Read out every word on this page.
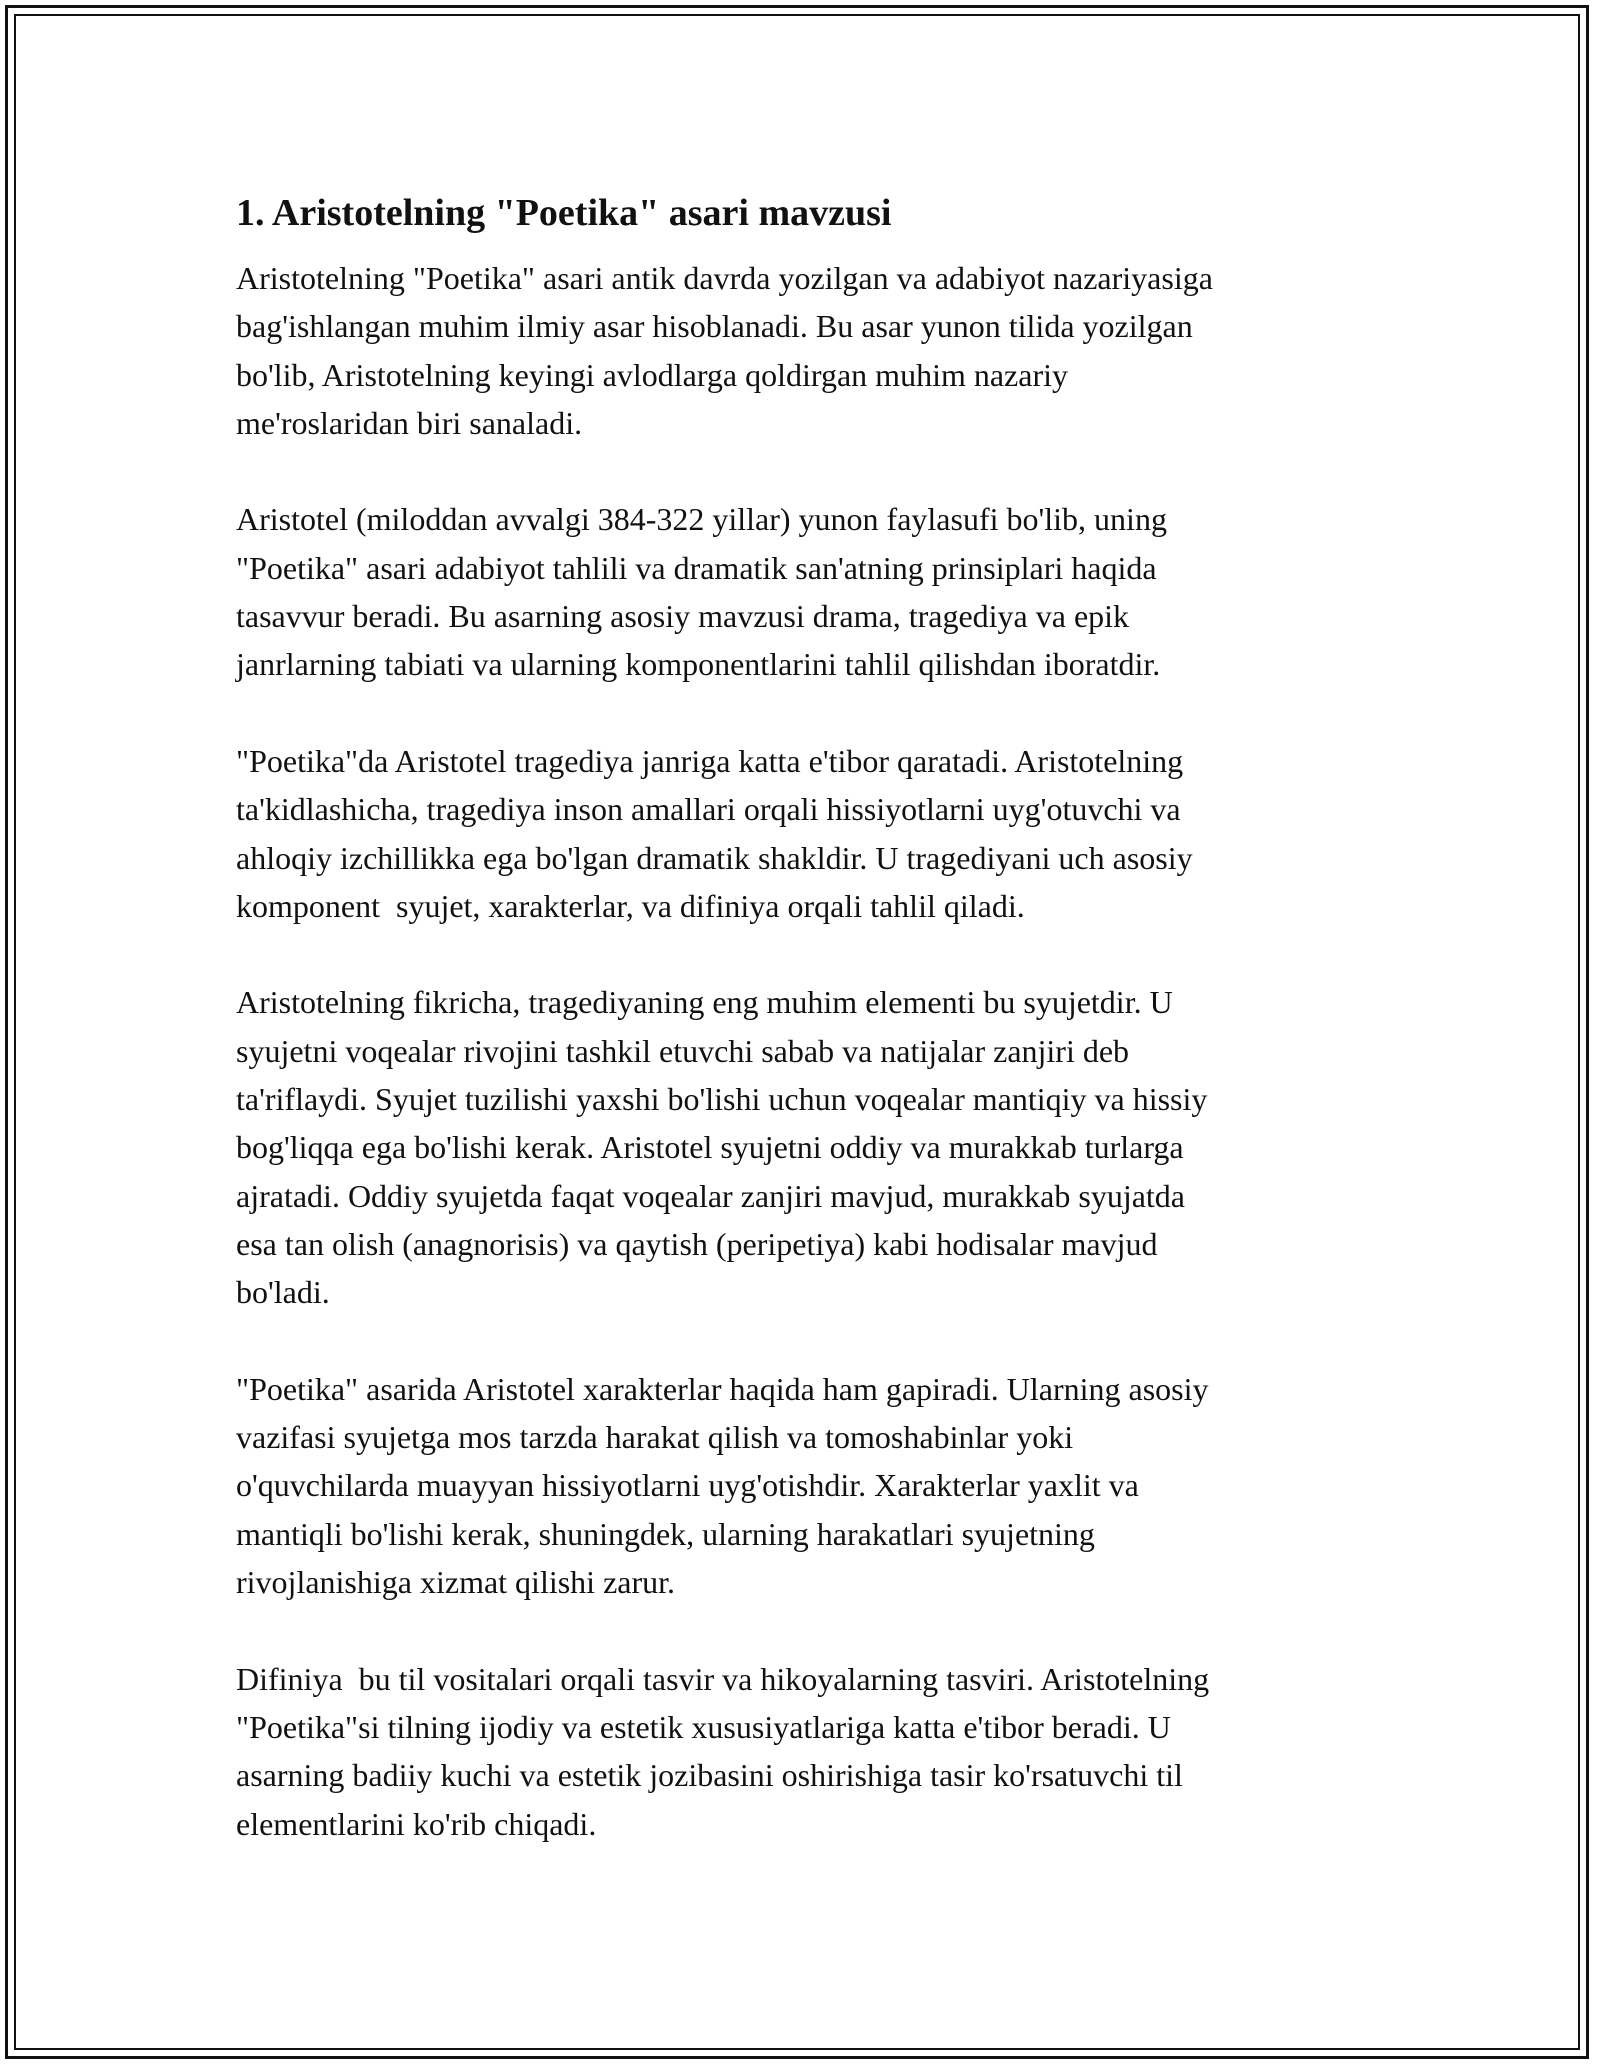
1. Aristotelning "Poetika" asari mavzusi
Aristotelning "Poetika" asari antik davrda yozilgan va adabiyot nazariyasiga
bag'ishlangan muhim ilmiy asar hisoblanadi. Bu asar yunon tilida yozilgan
bo'lib, Aristotelning keyingi avlodlarga qoldirgan muhim nazariy
me'roslaridan biri sanaladi.
Aristotel (miloddan avvalgi 384-322 yillar) yunon faylasufi bo'lib, uning
"Poetika" asari adabiyot tahlili va dramatik san'atning prinsiplari haqida
tasavvur beradi. Bu asarning asosiy mavzusi drama, tragediya va epik
janrlarning tabiati va ularning komponentlarini tahlil qilishdan iboratdir.
"Poetika"da Aristotel tragediya janriga katta e'tibor qaratadi. Aristotelning
ta'kidlashicha, tragediya inson amallari orqali hissiyotlarni uyg'otuvchi va
ahloqiy izchillikka ega bo'lgan dramatik shakldir. U tragediyani uch asosiy
komponent  syujet, xarakterlar, va difiniya orqali tahlil qiladi.
Aristotelning fikricha, tragediyaning eng muhim elementi bu syujetdir. U
syujetni voqealar rivojini tashkil etuvchi sabab va natijalar zanjiri deb
ta'riflaydi. Syujet tuzilishi yaxshi bo'lishi uchun voqealar mantiqiy va hissiy
bog'liqqa ega bo'lishi kerak. Aristotel syujetni oddiy va murakkab turlarga
ajratadi. Oddiy syujetda faqat voqealar zanjiri mavjud, murakkab syujatda
esa tan olish (anagnorisis) va qaytish (peripetiya) kabi hodisalar mavjud
bo'ladi.
"Poetika" asarida Aristotel xarakterlar haqida ham gapiradi. Ularning asosiy
vazifasi syujetga mos tarzda harakat qilish va tomoshabinlar yoki
o'quvchilarda muayyan hissiyotlarni uyg'otishdir. Xarakterlar yaxlit va
mantiqli bo'lishi kerak, shuningdek, ularning harakatlari syujetning
rivojlanishiga xizmat qilishi zarur.
Difiniya  bu til vositalari orqali tasvir va hikoyalarning tasviri. Aristotelning
"Poetika"si tilning ijodiy va estetik xususiyatlariga katta e'tibor beradi. U
asarning badiiy kuchi va estetik jozibasini oshirishiga tasir ko'rsatuvchi til
elementlarini ko'rib chiqadi.
